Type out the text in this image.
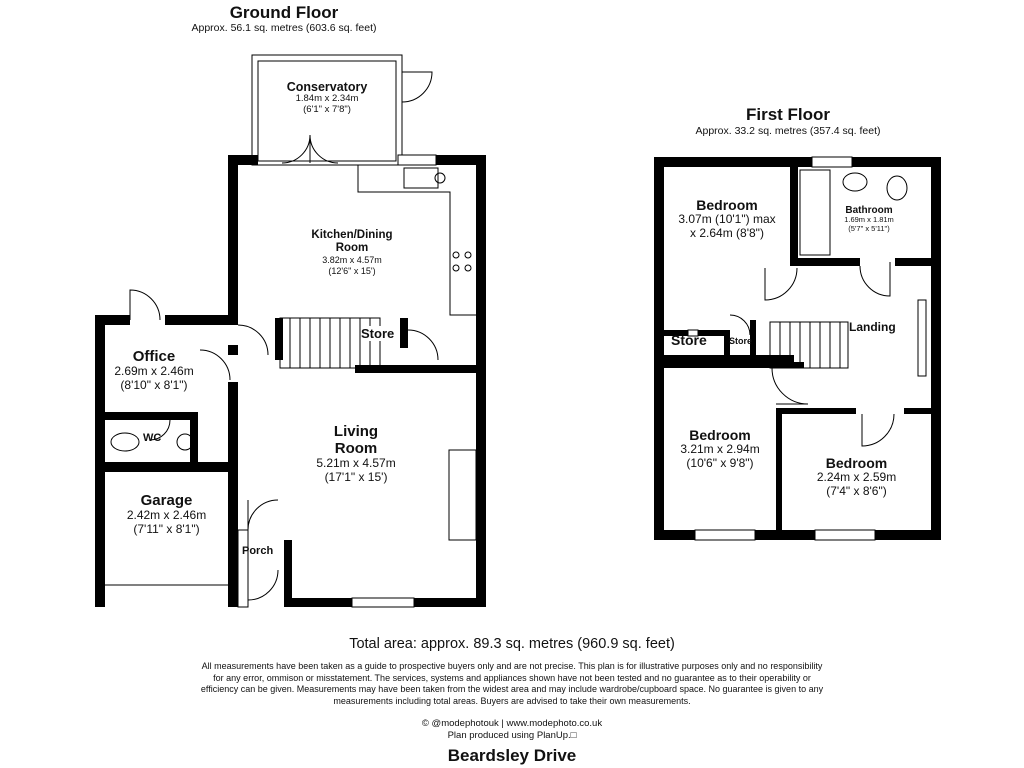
Ground Floor
Approx. 56.1 sq. metres (603.6 sq. feet)
Conservatory
1.84m x 2.34m
(6'1" x 7'8")
Kitchen/Dining
Room
3.82m x 4.57m
(12'6" x 15')
Store
Office
2.69m x 2.46m
(8'10" x 8'1")
WC	Living
Room
5.21m x 4.57m
(17'1" x 15')
Garage
2.42m x 2.46m
(7'11" x 8'1")
Porch
First Floor
Approx. 33.2 sq. metres (357.4 sq. feet)
Bedroom
3.07m (10'1") max
x 2.64m (8'8")
Bathroom
1.69m x 1.81m
(5'7" x 5'11")
Store Store
Landing
Bedroom
3.21m x 2.94m
(10'6" x 9'8")	Bedroom
2.24m x 2.59m
(7'4" x 8'6")
Total area: approx. 89.3 sq. metres (960.9 sq. feet)
All measurements have been taken as a guide to prospective buyers only and are not precise. This plan is for illustrative purposes only and no responsibility
for any error, ommison or misstatement. The services, systems and appliances shown have not been tested and no guarantee as to their operability or
efficiency can be given. Measurements may have been taken from the widest area and may include wardrobe/cupboard space. No guarantee is given to any
measurements including total areas. Buyers are advised to take their own measurements.
© @modephotouk | www.modephoto.co.uk
Plan produced using PlanUp.□
Beardsley Drive
